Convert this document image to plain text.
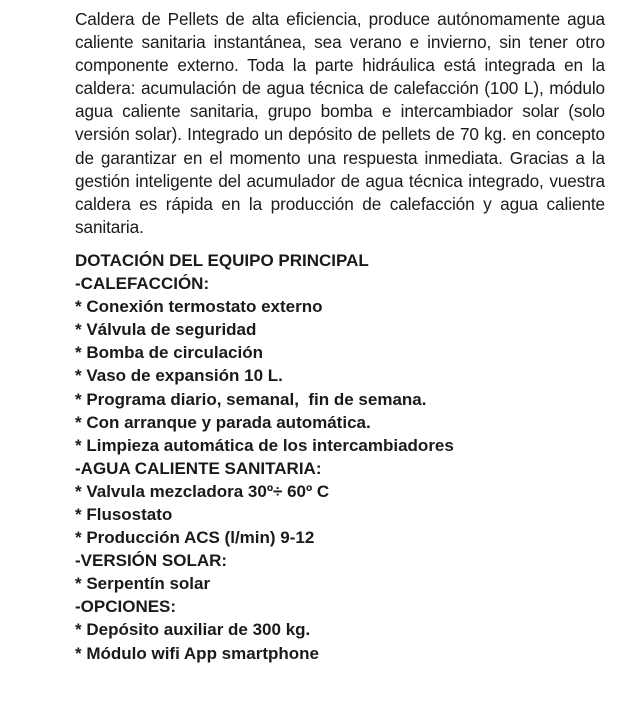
Caldera de Pellets de alta eficiencia, produce autónomamente agua caliente sanitaria instantánea, sea verano e invierno, sin tener otro componente externo. Toda la parte hidráulica está integrada en la caldera: acumulación de agua técnica de calefacción (100 L), módulo agua caliente sanitaria, grupo bomba e intercambiador solar (solo versión solar). Integrado un depósito de pellets de 70 kg. en concepto de garantizar en el momento una respuesta inmediata. Gracias a la gestión inteligente del acumulador de agua técnica integrado, vuestra caldera es rápida en la producción de calefacción y agua caliente sanitaria.

DOTACIÓN DEL EQUIPO PRINCIPAL
-CALEFACCIÓN:
* Conexión termostato externo
* Válvula de seguridad
* Bomba de circulación
* Vaso de expansión 10 L.
* Programa diario, semanal,  fin de semana.
* Con arranque y parada automática.
* Limpieza automática de los intercambiadores
-AGUA CALIENTE SANITARIA:
* Valvula mezcladora 30º÷ 60º C
* Flusostato
* Producción ACS (l/min) 9-12
-VERSIÓN SOLAR:
* Serpentín solar
-OPCIONES:
* Depósito auxiliar de 300 kg.
* Módulo wifi App smartphone
